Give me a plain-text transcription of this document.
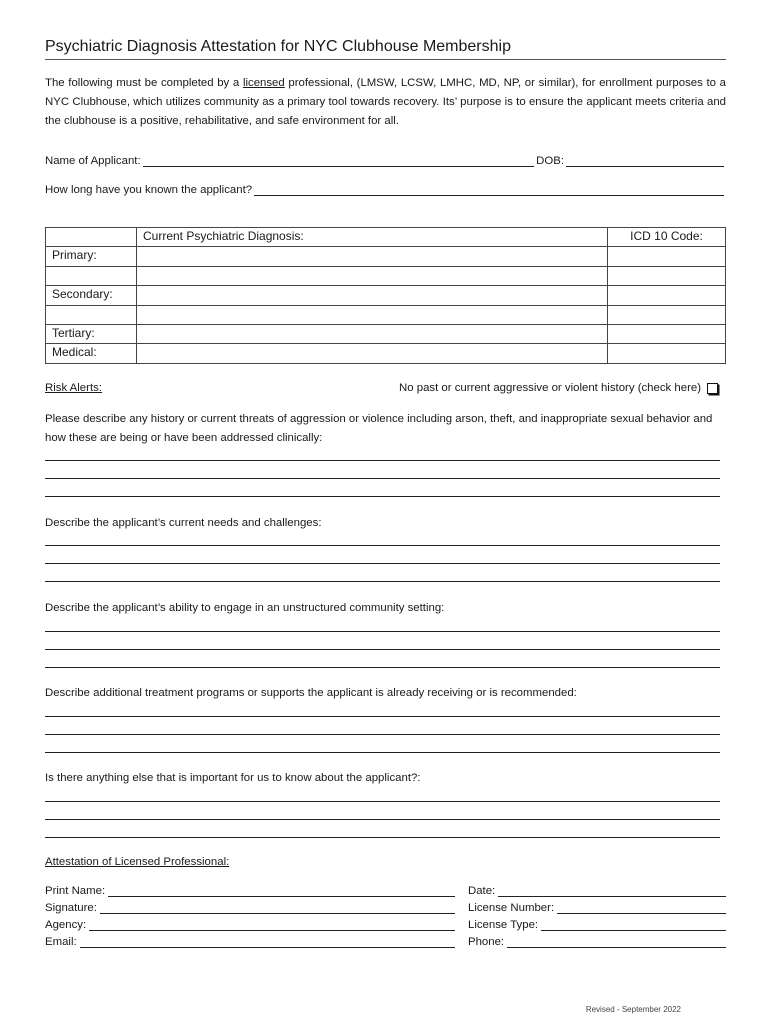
Psychiatric Diagnosis Attestation for NYC Clubhouse Membership
The following must be completed by a licensed professional, (LMSW, LCSW, LMHC, MD, NP, or similar), for enrollment purposes to a NYC Clubhouse, which utilizes community as a primary tool towards recovery. Its’ purpose is to ensure the applicant meets criteria and the clubhouse is a positive, rehabilitative, and safe environment for all.
Name of Applicant:	DOB:
How long have you known the applicant?
	Current Psychiatric Diagnosis:	ICD 10 Code:
Primary:		

Secondary:		

Tertiary:		
Medical:		
Risk Alerts:	No past or current aggressive or violent history (check here)
Please describe any history or current threats of aggression or violence including arson, theft, and inappropriate sexual behavior and how these are being or have been addressed clinically:
Describe the applicant’s current needs and challenges:
Describe the applicant’s ability to engage in an unstructured community setting:
Describe additional treatment programs or supports the applicant is already receiving or is recommended:
Is there anything else that is important for us to know about the applicant?:
Attestation of Licensed Professional:
Print Name:
Signature:
Agency:
Email:
Date:
License Number:
License Type:
Phone:
Revised - September 2022
